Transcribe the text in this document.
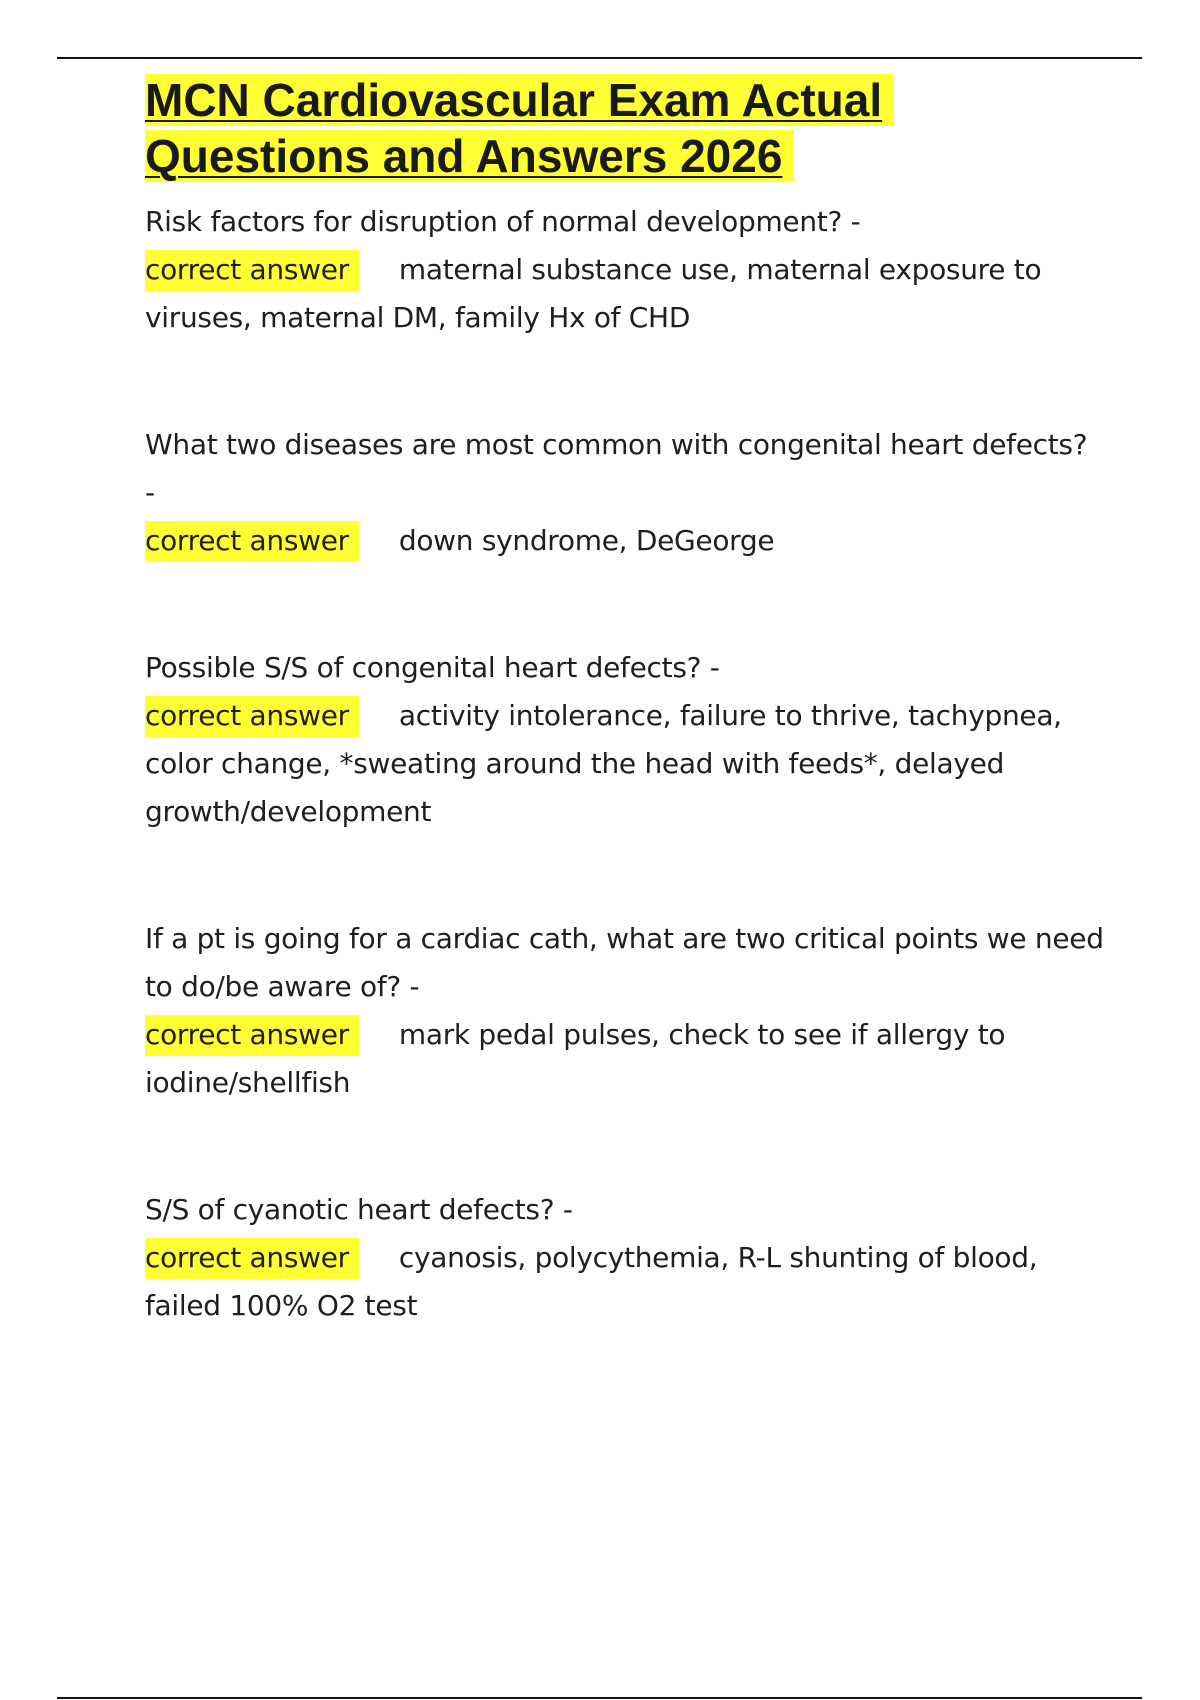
MCN Cardiovascular Exam Actual Questions and Answers 2026
Risk factors for disruption of normal development? -
correct answer maternal substance use, maternal exposure to viruses, maternal DM, family Hx of CHD
What two diseases are most common with congenital heart defects? -
correct answer down syndrome, DeGeorge
Possible S/S of congenital heart defects? -
correct answer activity intolerance, failure to thrive, tachypnea, color change, *sweating around the head with feeds*, delayed growth/development
If a pt is going for a cardiac cath, what are two critical points we need to do/be aware of? -
correct answer mark pedal pulses, check to see if allergy to iodine/shellfish
S/S of cyanotic heart defects? -
correct answer cyanosis, polycythemia, R-L shunting of blood, failed 100% O2 test
